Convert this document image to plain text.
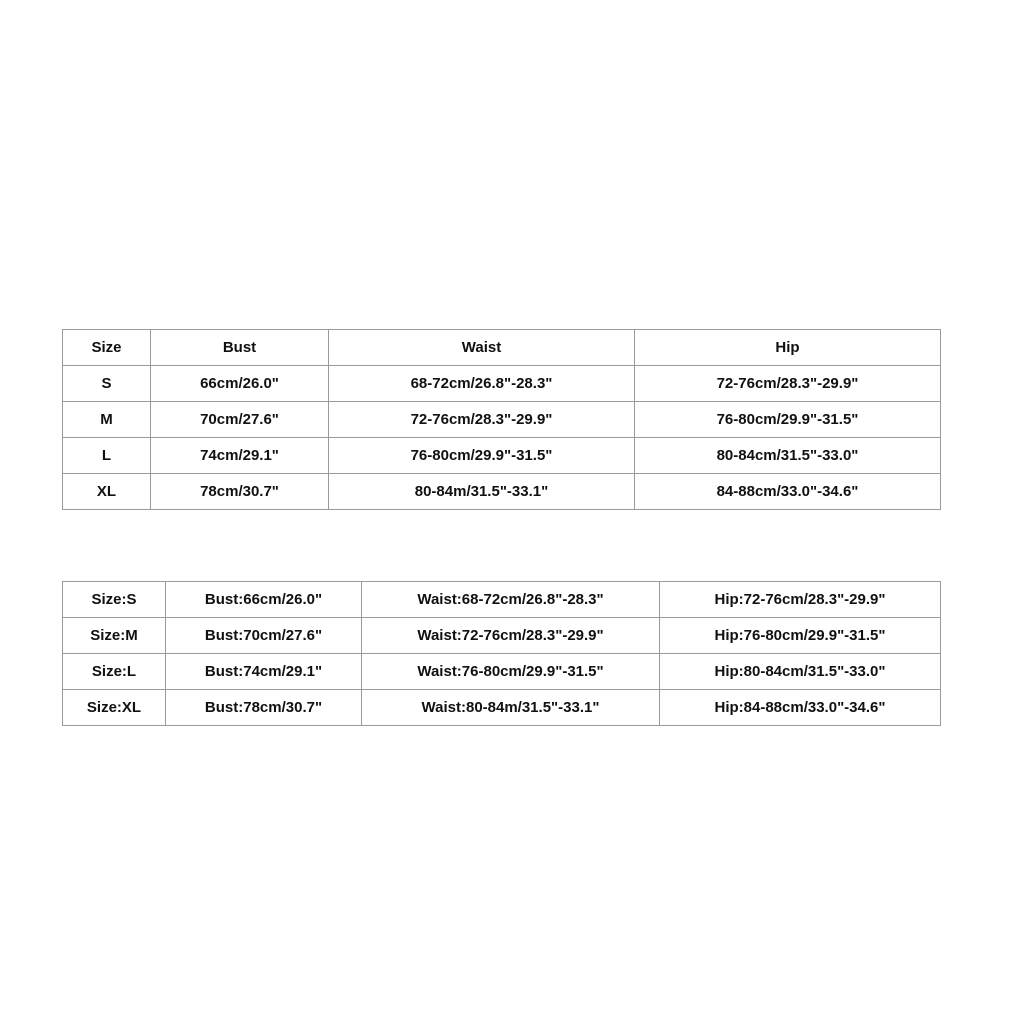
Size	Bust	Waist	Hip
S	66cm/26.0"	68-72cm/26.8"-28.3"	72-76cm/28.3"-29.9"
M	70cm/27.6"	72-76cm/28.3"-29.9"	76-80cm/29.9"-31.5"
L	74cm/29.1"	76-80cm/29.9"-31.5"	80-84cm/31.5"-33.0"
XL	78cm/30.7"	80-84m/31.5"-33.1"	84-88cm/33.0"-34.6"
Size:S	Bust:66cm/26.0"	Waist:68-72cm/26.8"-28.3"	Hip:72-76cm/28.3"-29.9"
Size:M	Bust:70cm/27.6"	Waist:72-76cm/28.3"-29.9"	Hip:76-80cm/29.9"-31.5"
Size:L	Bust:74cm/29.1"	Waist:76-80cm/29.9"-31.5"	Hip:80-84cm/31.5"-33.0"
Size:XL	Bust:78cm/30.7"	Waist:80-84m/31.5"-33.1"	Hip:84-88cm/33.0"-34.6"
